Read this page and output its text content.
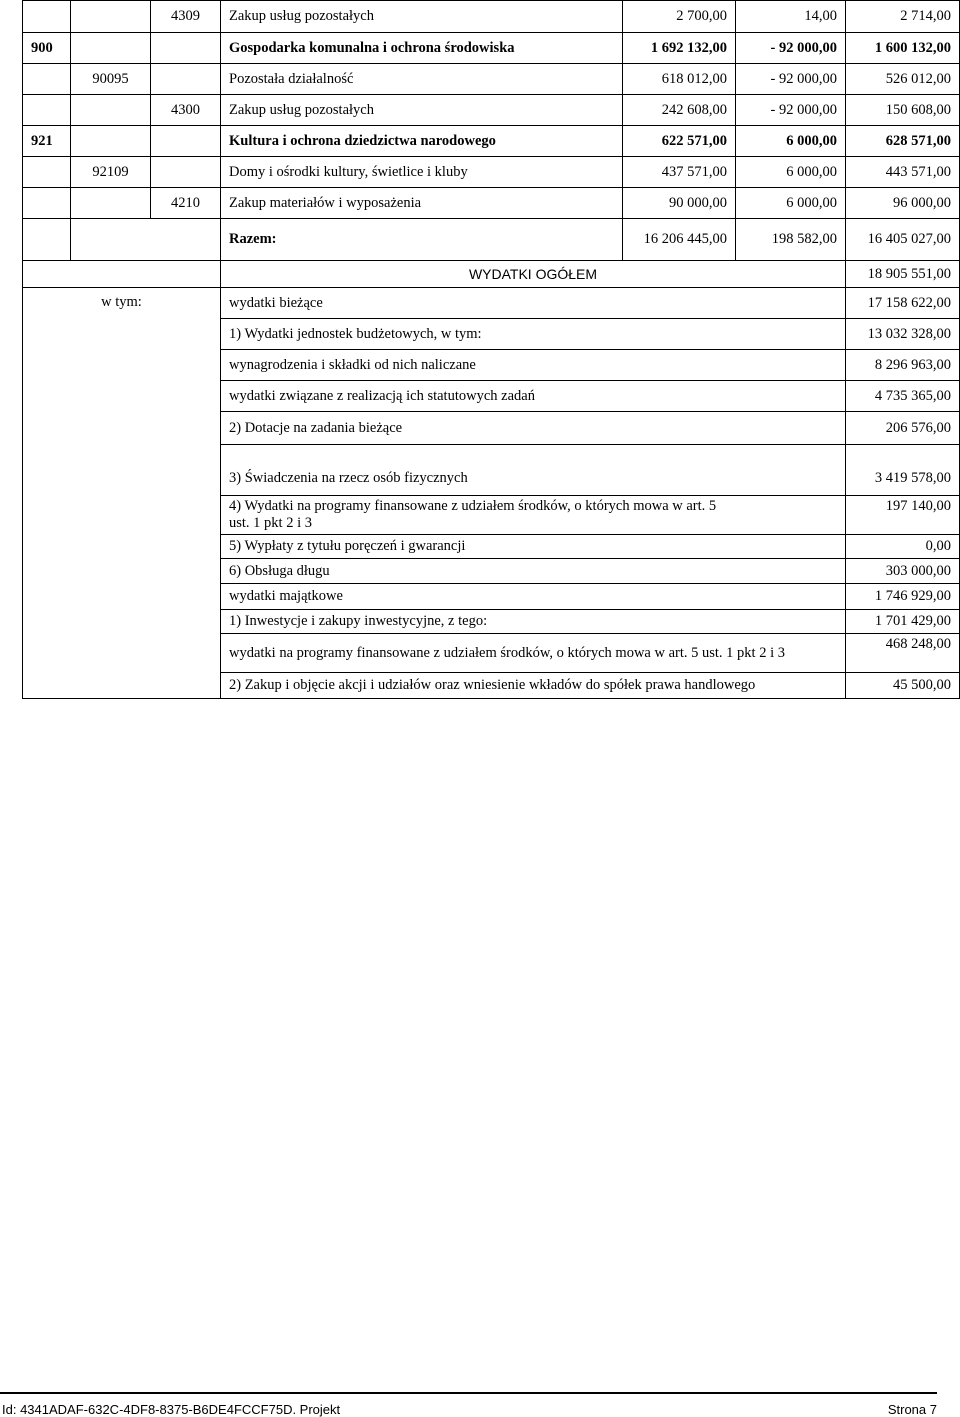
		4309	Zakup usług pozostałych	2 700,00	14,00	2 714,00
900			Gospodarka komunalna i ochrona środowiska	1 692 132,00	- 92 000,00	1 600 132,00
	90095		Pozostała działalność	618 012,00	- 92 000,00	526 012,00
		4300	Zakup usług pozostałych	242 608,00	- 92 000,00	150 608,00
921			Kultura i ochrona dziedzictwa narodowego	622 571,00	6 000,00	628 571,00
	92109		Domy i ośrodki kultury, świetlice i kluby	437 571,00	6 000,00	443 571,00
		4210	Zakup materiałów i wyposażenia	90 000,00	6 000,00	96 000,00
			Razem:	16 206 445,00	198 582,00	16 405 027,00
			WYDATKI OGÓŁEM			18 905 551,00
w tym:			wydatki bieżące			17 158 622,00
			1) Wydatki jednostek budżetowych, w tym:			13 032 328,00
			wynagrodzenia i składki od nich naliczane			8 296 963,00
			wydatki związane z realizacją ich statutowych zadań			4 735 365,00
			2) Dotacje na zadania bieżące			206 576,00
			3) Świadczenia na rzecz osób fizycznych			3 419 578,00
			4) Wydatki na programy finansowane z udziałem środków, o których mowa w art. 5 ust. 1 pkt 2 i 3			197 140,00
			5) Wypłaty z tytułu poręczeń i gwarancji			0,00
			6) Obsługa długu			303 000,00
			wydatki majątkowe			1 746 929,00
			1) Inwestycje i zakupy inwestycyjne, z tego:			1 701 429,00
			wydatki na programy finansowane z udziałem środków, o których mowa w art. 5 ust. 1 pkt 2 i 3			468 248,00
			2) Zakup i objęcie akcji i udziałów oraz wniesienie wkładów do spółek prawa handlowego			45 500,00
Id: 4341ADAF-632C-4DF8-8375-B6DE4FCCF75D. Projekt	Strona 7
